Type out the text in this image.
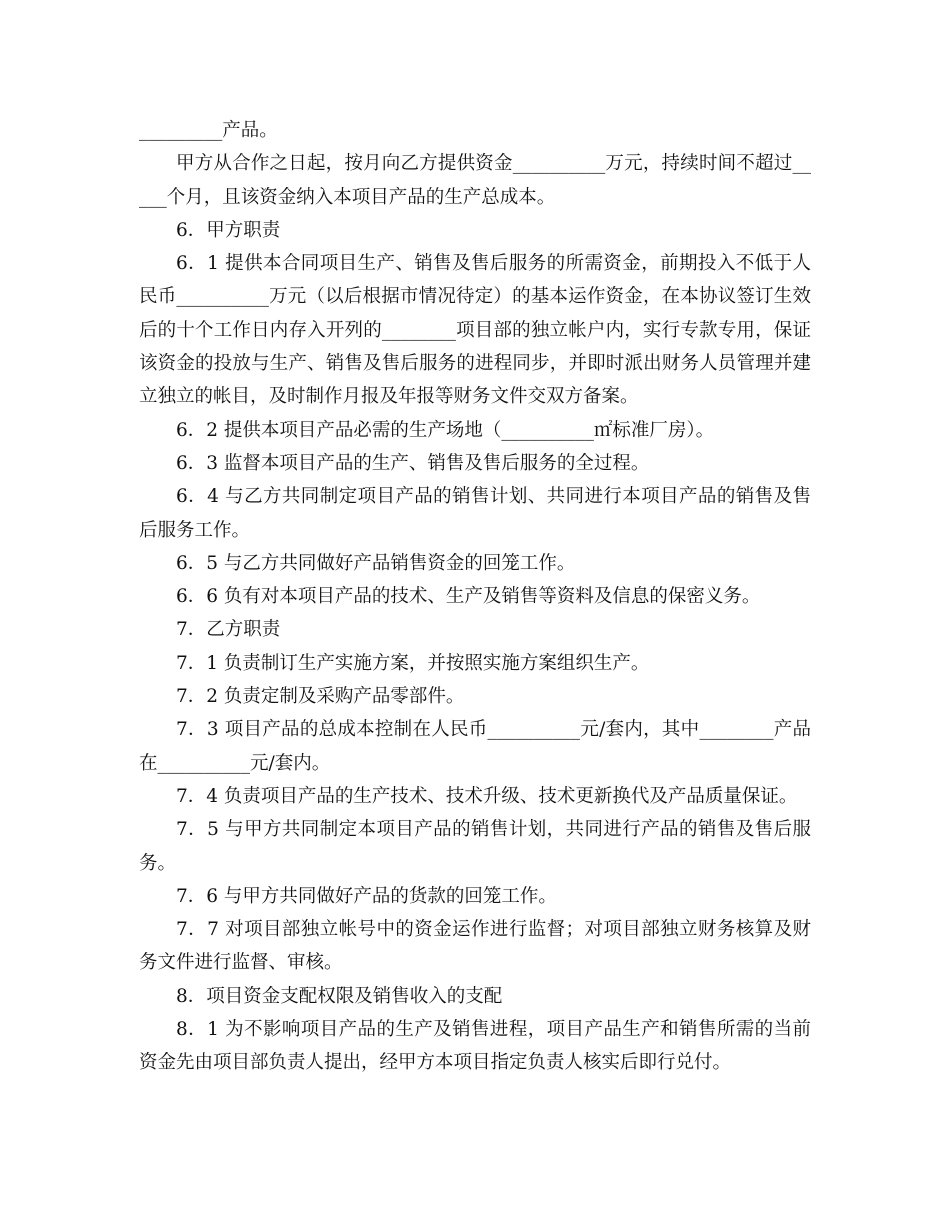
_________产品。

甲方从合作之日起，按月向乙方提供资金__________万元，持续时间不超过_____个月，且该资金纳入本项目产品的生产总成本。

6．甲方职责

6．1 提供本合同项目生产、销售及售后服务的所需资金，前期投入不低于人民币__________万元（以后根据市情况待定）的基本运作资金，在本协议签订生效后的十个工作日内存入开列的________项目部的独立帐户内，实行专款专用，保证该资金的投放与生产、销售及售后服务的进程同步，并即时派出财务人员管理并建立独立的帐目，及时制作月报及年报等财务文件交双方备案。

6．2 提供本项目产品必需的生产场地（__________㎡标准厂房）。

6．3 监督本项目产品的生产、销售及售后服务的全过程。

6．4 与乙方共同制定项目产品的销售计划、共同进行本项目产品的销售及售后服务工作。

6．5 与乙方共同做好产品销售资金的回笼工作。

6．6 负有对本项目产品的技术、生产及销售等资料及信息的保密义务。

7．乙方职责

7．1 负责制订生产实施方案，并按照实施方案组织生产。

7．2 负责定制及采购产品零部件。

7．3 项目产品的总成本控制在人民币__________元/套内，其中________产品在__________元/套内。

7．4 负责项目产品的生产技术、技术升级、技术更新换代及产品质量保证。

7．5 与甲方共同制定本项目产品的销售计划，共同进行产品的销售及售后服务。

7．6 与甲方共同做好产品的货款的回笼工作。

7．7 对项目部独立帐号中的资金运作进行监督；对项目部独立财务核算及财务文件进行监督、审核。

8．项目资金支配权限及销售收入的支配

8．1 为不影响项目产品的生产及销售进程，项目产品生产和销售所需的当前资金先由项目部负责人提出，经甲方本项目指定负责人核实后即行兑付。
